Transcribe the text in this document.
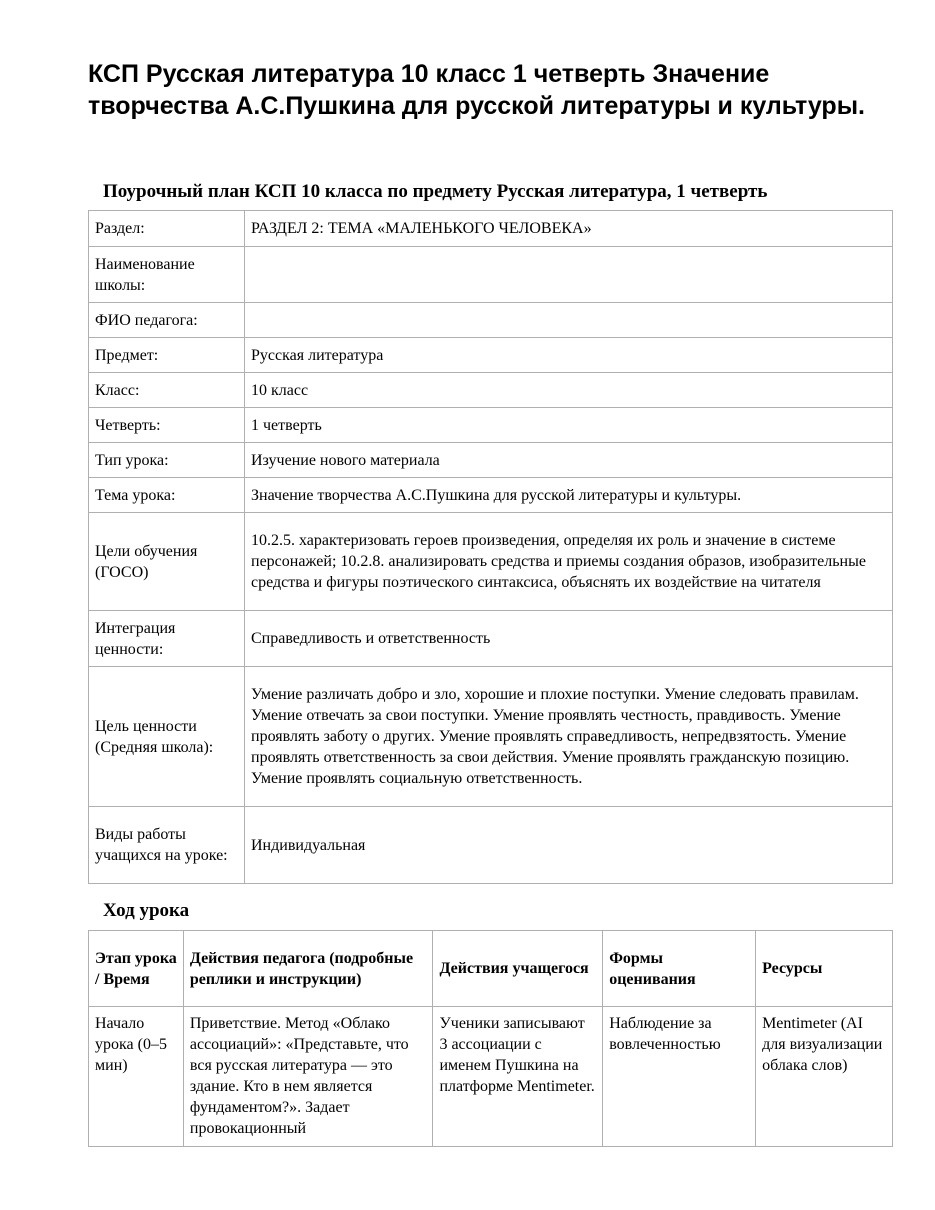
КСП Русская литература 10 класс 1 четверть Значение творчества А.С.Пушкина для русской литературы и культуры.
Поурочный план КСП 10 класса по предмету Русская литература, 1 четверть
Раздел:	РАЗДЕЛ 2: ТЕМА «МАЛЕНЬКОГО ЧЕЛОВЕКА»
Наименование школы:	
ФИО педагога:	
Предмет:	Русская литература
Класс:	10 класс
Четверть:	1 четверть
Тип урока:	Изучение нового материала
Тема урока:	Значение творчества А.С.Пушкина для русской литературы и культуры.
Цели обучения (ГОСО)	10.2.5. характеризовать героев произведения, определяя их роль и значение в системе персонажей; 10.2.8. анализировать средства и приемы создания образов, изобразительные средства и фигуры поэтического синтаксиса, объяснять их воздействие на читателя
Интеграция ценности:	Справедливость и ответственность
Цель ценности (Средняя школа):	Умение различать добро и зло, хорошие и плохие поступки. Умение следовать правилам. Умение отвечать за свои поступки. Умение проявлять честность, правдивость. Умение проявлять заботу о других. Умение проявлять справедливость, непредвзятость. Умение проявлять ответственность за свои действия. Умение проявлять гражданскую позицию. Умение проявлять социальную ответственность.
Виды работы учащихся на уроке:	Индивидуальная
Ход урока
Этап урока / Время	Действия педагога (подробные реплики и инструкции)	Действия учащегося	Формы оценивания	Ресурсы
Начало урока (0–5 мин)	Приветствие. Метод «Облако ассоциаций»: «Представьте, что вся русская литература — это здание. Кто в нем является фундаментом?». Задает провокационный	Ученики записывают 3 ассоциации с именем Пушкина на платформе Mentimeter.	Наблюдение за вовлеченностью	Mentimeter (AI для визуализации облака слов)
